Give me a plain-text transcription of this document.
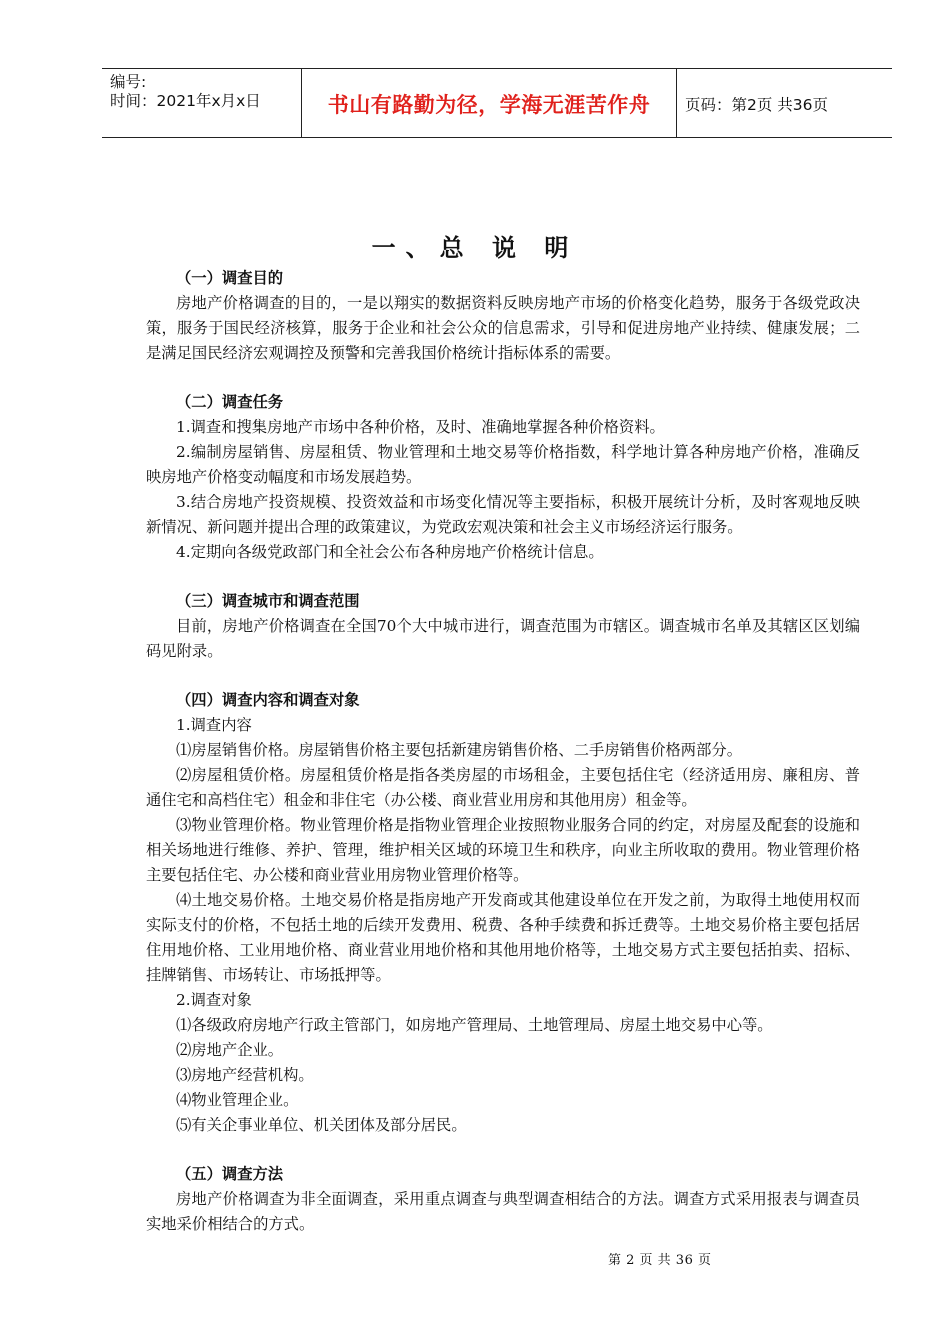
编号:
时间：2021年x月x日	书山有路勤为径，学海无涯苦作舟	页码：第2页 共36页
一、总 说 明
（一）调查目的

房地产价格调查的目的，一是以翔实的数据资料反映房地产市场的价格变化趋势，服务于各级党政决策，服务于国民经济核算，服务于企业和社会公众的信息需求，引导和促进房地产业持续、健康发展；二是满足国民经济宏观调控及预警和完善我国价格统计指标体系的需要。

（二）调查任务

1.调查和搜集房地产市场中各种价格，及时、准确地掌握各种价格资料。

2.编制房屋销售、房屋租赁、物业管理和土地交易等价格指数，科学地计算各种房地产价格，准确反映房地产价格变动幅度和市场发展趋势。

3.结合房地产投资规模、投资效益和市场变化情况等主要指标，积极开展统计分析，及时客观地反映新情况、新问题并提出合理的政策建议，为党政宏观决策和社会主义市场经济运行服务。

4.定期向各级党政部门和全社会公布各种房地产价格统计信息。

（三）调查城市和调查范围

目前，房地产价格调查在全国70个大中城市进行，调查范围为市辖区。调查城市名单及其辖区区划编码见附录。

（四）调查内容和调查对象

1.调查内容

⑴房屋销售价格。房屋销售价格主要包括新建房销售价格、二手房销售价格两部分。

⑵房屋租赁价格。房屋租赁价格是指各类房屋的市场租金，主要包括住宅（经济适用房、廉租房、普通住宅和高档住宅）租金和非住宅（办公楼、商业营业用房和其他用房）租金等。

⑶物业管理价格。物业管理价格是指物业管理企业按照物业服务合同的约定，对房屋及配套的设施和相关场地进行维修、养护、管理，维护相关区域的环境卫生和秩序，向业主所收取的费用。物业管理价格主要包括住宅、办公楼和商业营业用房物业管理价格等。

⑷土地交易价格。土地交易价格是指房地产开发商或其他建设单位在开发之前，为取得土地使用权而实际支付的价格，不包括土地的后续开发费用、税费、各种手续费和拆迁费等。土地交易价格主要包括居住用地价格、工业用地价格、商业营业用地价格和其他用地价格等，土地交易方式主要包括拍卖、招标、挂牌销售、市场转让、市场抵押等。

2.调查对象

⑴各级政府房地产行政主管部门，如房地产管理局、土地管理局、房屋土地交易中心等。

⑵房地产企业。

⑶房地产经营机构。

⑷物业管理企业。

⑸有关企事业单位、机关团体及部分居民。

（五）调查方法

房地产价格调查为非全面调查，采用重点调查与典型调查相结合的方法。调查方式采用报表与调查员实地采价相结合的方式。

第 2 页 共 36 页
